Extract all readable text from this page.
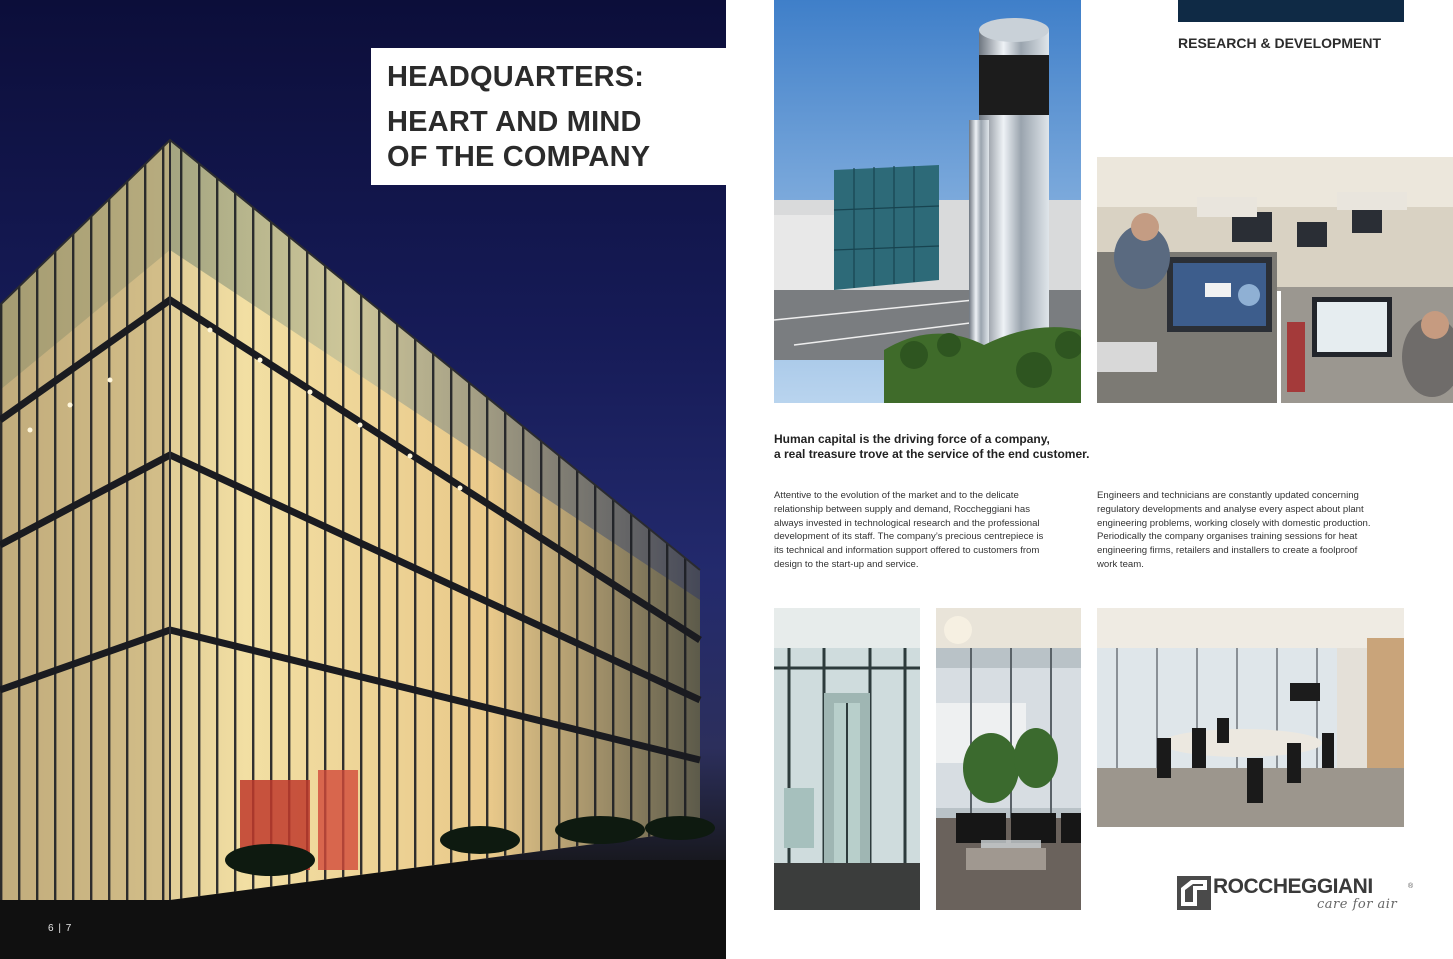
HEADQUARTERS:
HEART AND MIND
OF THE COMPANY
6 | 7
RESEARCH & DEVELOPMENT
Human capital is the driving force of a company,
a real treasure trove at the service of the end customer.
Attentive to the evolution of the market and to the delicate
relationship between supply and demand, Roccheggiani has
always invested in technological research and the professional
development of its staff. The company’s precious centrepiece is
its technical and information support offered to customers from
design to the start-up and service.
Engineers and technicians are constantly updated concerning
regulatory developments and analyse every aspect about plant
engineering problems, working closely with domestic production.
Periodically the company organises training sessions for heat
engineering firms, retailers and installers to create a foolproof
work team.
ROCCHEGGIANI	®
care for air
